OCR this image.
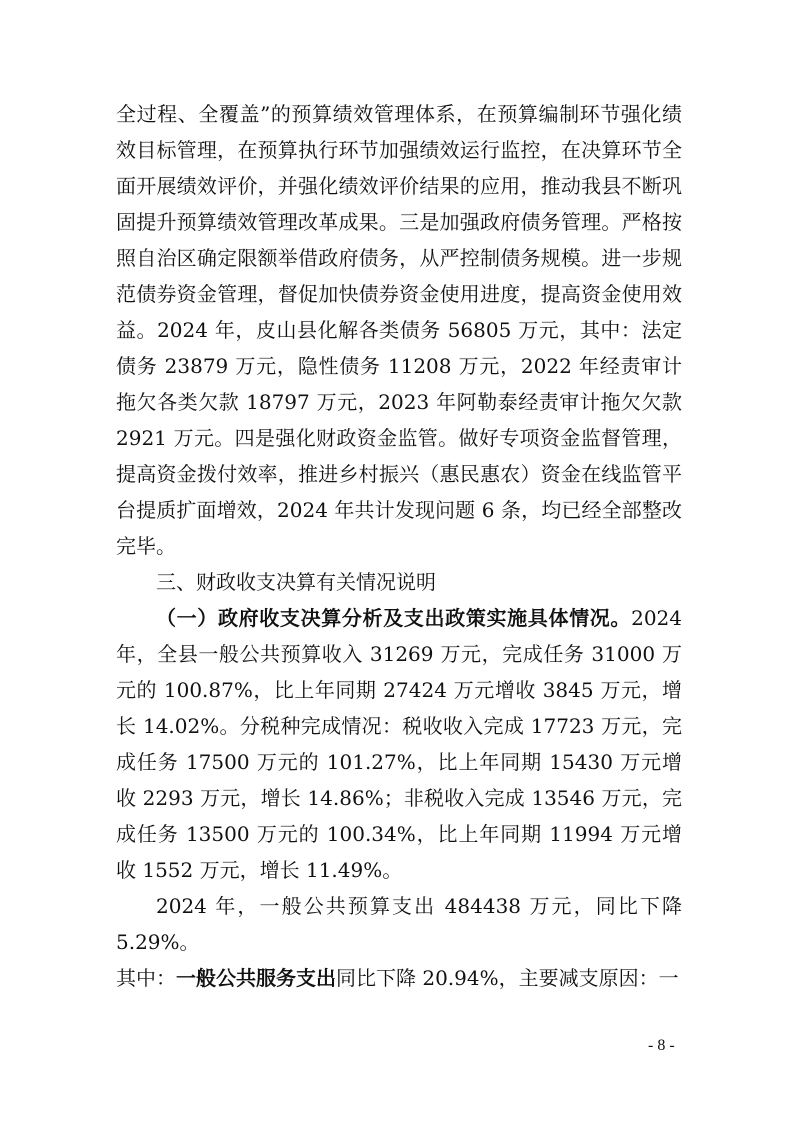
全过程、全覆盖”的预算绩效管理体系，在预算编制环节强化绩效目标管理，在预算执行环节加强绩效运行监控，在决算环节全面开展绩效评价，并强化绩效评价结果的应用，推动我县不断巩固提升预算绩效管理改革成果。三是加强政府债务管理。严格按照自治区确定限额举借政府债务，从严控制债务规模。进一步规范债券资金管理，督促加快债券资金使用进度，提高资金使用效益。2024 年，皮山县化解各类债务 56805 万元，其中：法定债务 23879 万元，隐性债务 11208 万元，2022 年经责审计拖欠各类欠款 18797 万元，2023 年阿勒泰经责审计拖欠欠款 2921 万元。四是强化财政资金监管。做好专项资金监督管理，提高资金拨付效率，推进乡村振兴（惠民惠农）资金在线监管平台提质扩面增效，2024 年共计发现问题 6 条，均已经全部整改完毕。

三、财政收支决算有关情况说明

（一）政府收支决算分析及支出政策实施具体情况。2024 年，全县一般公共预算收入 31269 万元，完成任务 31000 万元的 100.87%，比上年同期 27424 万元增收 3845 万元，增长 14.02%。分税种完成情况：税收收入完成 17723 万元，完成任务 17500 万元的 101.27%，比上年同期 15430 万元增收 2293 万元，增长 14.86%；非税收入完成 13546 万元，完成任务 13500 万元的 100.34%，比上年同期 11994 万元增收 1552 万元，增长 11.49%。

2024 年，一般公共预算支出 484438 万元，同比下降 5.29%。

其中：一般公共服务支出同比下降 20.94%，主要减支原因：一

- 8 -
